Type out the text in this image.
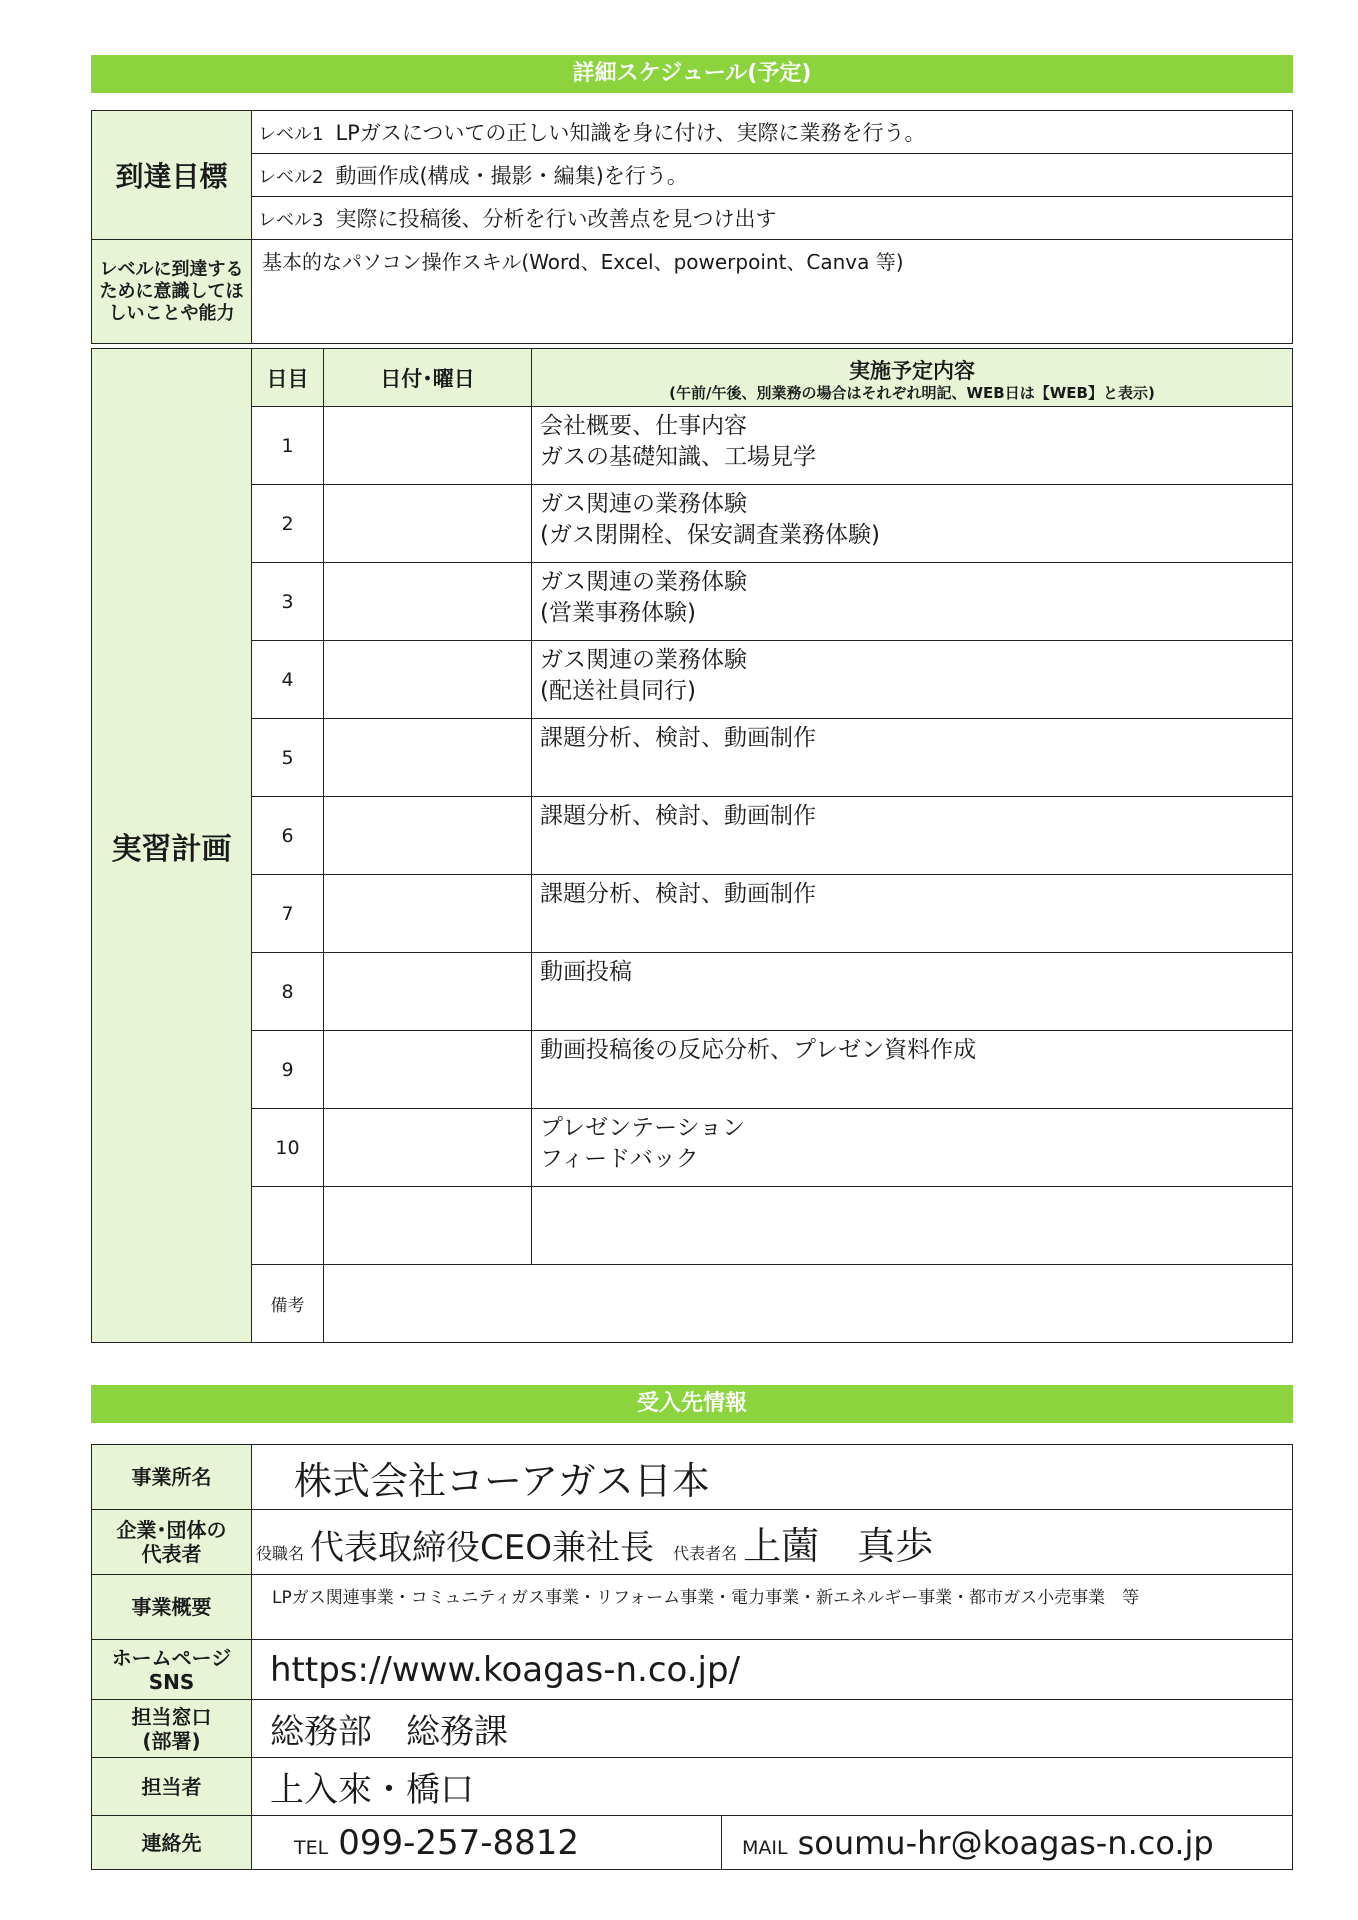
詳細スケジュール(予定)
到達目標	レベル1 LPガスについての正しい知識を身に付け、実際に業務を行う。
	レベル2 動画作成(構成・撮影・編集)を行う。
	レベル3 実際に投稿後、分析を行い改善点を見つけ出す

レベルに到達する
ために意識してほ
しいことや能力	基本的なパソコン操作スキル(Word、Excel、powerpoint、Canva 等)
実習計画	日目	日付･曜日	実施予定内容
(午前/午後、別業務の場合はそれぞれ明記、WEB日は【WEB】と表示)

	1		会社概要、仕事内容
ガスの基礎知識、工場見学

	2		ガス関連の業務体験
(ガス閉開栓、保安調査業務体験)

	3		ガス関連の業務体験
(営業事務体験)

	4		ガス関連の業務体験
(配送社員同行)

	5		課題分析、検討、動画制作

	6		課題分析、検討、動画制作

	7		課題分析、検討、動画制作

	8		動画投稿

	9		動画投稿後の反応分析、プレゼン資料作成

	10		プレゼンテーション
フィードバック

	備考		
受入先情報
事業所名	株式会社コーアガス日本	

企業･団体の
代表者	役職名 代表取締役CEO兼社長 代表者名 上薗　真歩	
事業概要	LPガス関連事業・コミュニティガス事業・リフォーム事業・電力事業・新エネルギー事業・都市ガス小売事業　等	

ホームページ
SNS	https://www.koagas-n.co.jp/	

担当窓口
(部署)	総務部　総務課	
担当者	上入來・橋口	
連絡先	TEL 099-257-8812	MAIL soumu-hr@koagas-n.co.jp
